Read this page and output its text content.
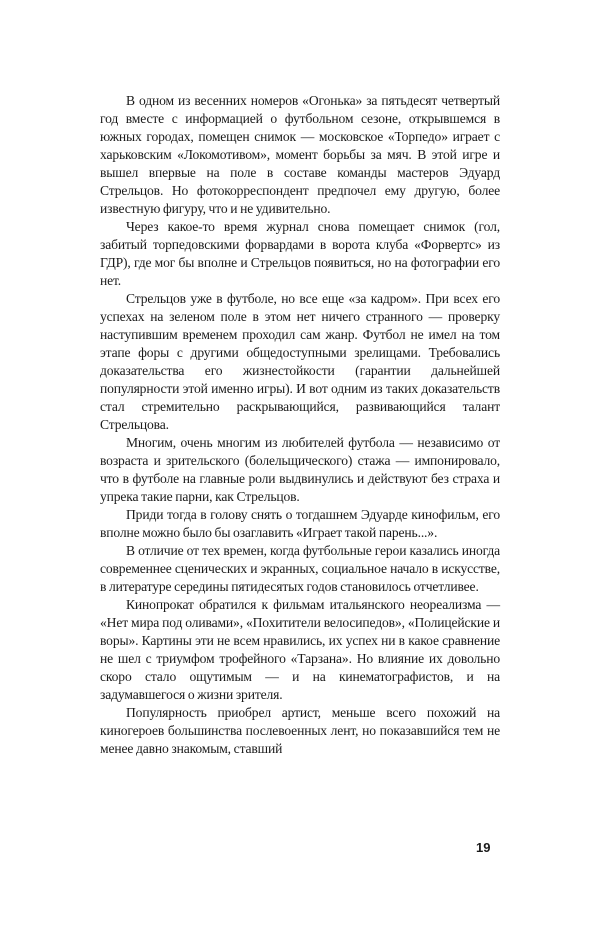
В одном из весенних номеров «Огонька» за пятьдесят четвертый год вместе с информацией о футбольном сезоне, открывшемся в южных городах, помещен снимок — московское «Торпедо» играет с харьковским «Локомотивом», момент борьбы за мяч. В этой игре и вышел впервые на поле в составе команды мастеров Эдуард Стрельцов. Но фотокорреспондент предпочел ему другую, более известную фигуру, что и не удивительно.

Через какое-то время журнал снова помещает снимок (гол, забитый торпедовскими форвардами в ворота клуба «Форвертс» из ГДР), где мог бы вполне и Стрельцов появиться, но на фотографии его нет.

Стрельцов уже в футболе, но все еще «за кадром». При всех его успехах на зеленом поле в этом нет ничего странного — проверку наступившим временем проходил сам жанр. Футбол не имел на том этапе форы с другими общедоступными зрелищами. Требовались доказательства его жизнестойкости (гарантии дальнейшей популярности этой именно игры). И вот одним из таких доказательств стал стремительно раскрывающийся, развивающийся талант Стрельцова.

Многим, очень многим из любителей футбола — независимо от возраста и зрительского (болельщического) стажа — импонировало, что в футболе на главные роли выдвинулись и действуют без страха и упрека такие парни, как Стрельцов.

Приди тогда в голову снять о тогдашнем Эдуарде кинофильм, его вполне можно было бы озаглавить «Играет такой парень...».

В отличие от тех времен, когда футбольные герои казались иногда современнее сценических и экранных, социальное начало в искусстве, в литературе середины пятидесятых годов становилось отчетливее.

Кинопрокат обратился к фильмам итальянского неореализма — «Нет мира под оливами», «Похитители велосипедов», «Полицейские и воры». Картины эти не всем нравились, их успех ни в какое сравнение не шел с триумфом трофейного «Тарзана». Но влияние их довольно скоро стало ощутимым — и на кинематографистов, и на задумавшегося о жизни зрителя.

Популярность приобрел артист, меньше всего похожий на киногероев большинства послевоенных лент, но показавшийся тем не менее давно знакомым, ставший

19
